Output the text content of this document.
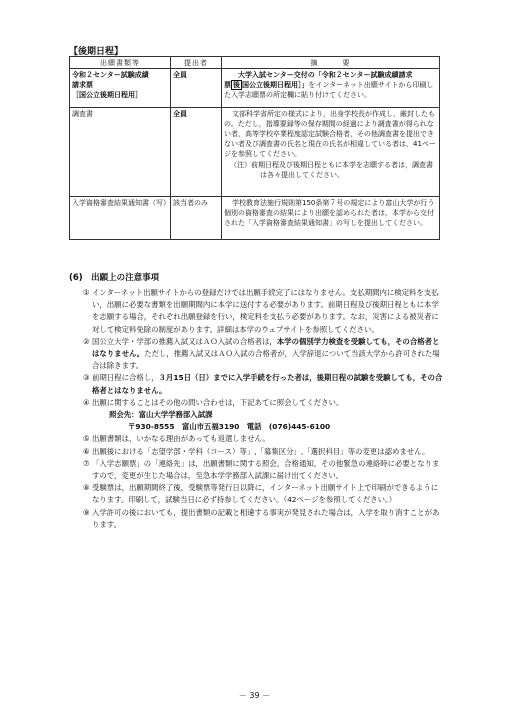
【後期日程】
出願書類等	提出者	摘　　　要
令和２センター試験成績
請求票
［国公立後期日程用］	全員	大学入試センター交付の「令和２センター試験成績請求
票 後 国公立後期日程用］」をインターネット出願サイトから印刷した入学志願票の所定欄に貼り付けてください。
調査書	全員	文部科学省所定の様式により，出身学校長が作成し，厳封したもの。ただし，指導要録等の保存期間の経過により調査書が得られない者，高等学校卒業程度認定試験合格者，その他調査書を提出できない者及び調査書の氏名と現在の氏名が相違している者は，41ページを参照してください。
（注）前期日程及び後期日程ともに本学を志願する者は，調査書は各々提出してください。

入学資格審査結果通知書（写）	該当者のみ	学校教育法施行規則第150条第７号の規定により富山大学が行う個別の資格審査の結果により出願を認められた者は，本学から交付された「入学資格審査結果通知書」の写しを提出してください。
(6)　出願上の注意事項
① インターネット出願サイトからの登録だけでは出願手続完了にはなりません。支払期間内に検定料を支払い，出願に必要な書類を出願期間内に本学に送付する必要があります。前期日程及び後期日程ともに本学を志願する場合，それぞれ出願登録を行い，検定料を支払う必要があります。なお，災害による被災者に対して検定料免除の制度があります。詳細は本学のウェブサイトを参照してください。
② 国公立大学・学部の推薦入試又はＡＯ入試の合格者は，本学の個別学力検査を受験しても，その合格者とはなりません。ただし，推薦入試又はＡＯ入試の合格者が，入学辞退について当該大学から許可された場合は除きます。
③ 前期日程に合格し，３月15日（日）までに入学手続を行った者は，後期日程の試験を受験しても，その合格者とはなりません。
④ 出願に関することはその他の問い合わせは，下記あてに照会してください。
照会先：富山大学学務部入試課
〒930-8555　富山市五福3190　電話　(076)445-6100
⑤ 出願書類は，いかなる理由があっても返還しません。
⑥ 出願後における「志望学部・学科（コース）等」,「募集区分」,「選択科目」等の変更は認めません。
⑦ 「入学志願票」の「連絡先」は，出願書類に関する照会，合格通知，その他緊急の連絡時に必要となりますので，変更が生じた場合は，至急本学学務部入試課に届け出てください。
⑧ 受験票は，出願期間終了後，受験票等発行日以降に，インターネット出願サイト上で印刷ができるようになります。印刷して，試験当日に必ず持参してください。（42ページを参照してください。）
⑨ 入学許可の後においても，提出書類の記載と相違する事実が発見された場合は，入学を取り消すことがあります。
－ 39 －
